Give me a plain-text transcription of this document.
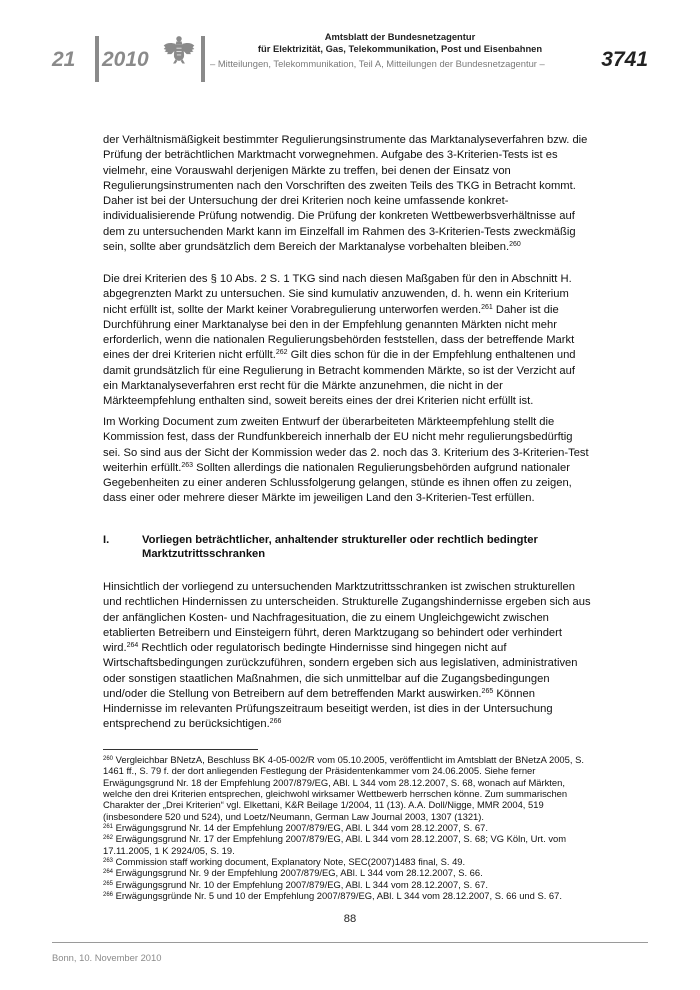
21 2010
Amtsblatt der Bundesnetzagentur
für Elektrizität, Gas, Telekommunikation, Post und Eisenbahnen
– Mitteilungen, Telekommunikation, Teil A, Mitteilungen der Bundesnetzagentur –	3741

der Verhältnismäßigkeit bestimmter Regulierungsinstrumente das Marktanalyseverfahren bzw. die Prüfung der beträchtlichen Marktmacht vorwegnehmen. Aufgabe des 3-Kriterien-Tests ist es vielmehr, eine Vorauswahl derjenigen Märkte zu treffen, bei denen der Einsatz von Regulierungsinstrumenten nach den Vorschriften des zweiten Teils des TKG in Betracht kommt. Daher ist bei der Untersuchung der drei Kriterien noch keine umfassende konkret-individualisierende Prüfung notwendig. Die Prüfung der konkreten Wettbewerbsverhältnisse auf dem zu untersuchenden Markt kann im Einzelfall im Rahmen des 3-Kriterien-Tests zweckmäßig sein, sollte aber grundsätzlich dem Bereich der Marktanalyse vorbehalten bleiben.$^{260}$

Die drei Kriterien des § 10 Abs. 2 S. 1 TKG sind nach diesen Maßgaben für den in Abschnitt H. abgegrenzten Markt zu untersuchen. Sie sind kumulativ anzuwenden, d. h. wenn ein Kriterium nicht erfüllt ist, sollte der Markt keiner Vorabregulierung unterworfen werden.$^{261}$ Daher ist die Durchführung einer Marktanalyse bei den in der Empfehlung genannten Märkten nicht mehr erforderlich, wenn die nationalen Regulierungsbehörden feststellen, dass der betreffende Markt eines der drei Kriterien nicht erfüllt.$^{262}$ Gilt dies schon für die in der Empfehlung enthaltenen und damit grundsätzlich für eine Regulierung in Betracht kommenden Märkte, so ist der Verzicht auf ein Marktanalyseverfahren erst recht für die Märkte anzunehmen, die nicht in der Märkteempfehlung enthalten sind, soweit bereits eines der drei Kriterien nicht erfüllt ist.

Im Working Document zum zweiten Entwurf der überarbeiteten Märkteempfehlung stellt die Kommission fest, dass der Rundfunkbereich innerhalb der EU nicht mehr regulierungsbedürftig sei. So sind aus der Sicht der Kommission weder das 2. noch das 3. Kriterium des 3-Kriterien-Test weiterhin erfüllt.$^{263}$ Sollten allerdings die nationalen Regulierungsbehörden aufgrund nationaler Gegebenheiten zu einer anderen Schlussfolgerung gelangen, stünde es ihnen offen zu zeigen, dass einer oder mehrere dieser Märkte im jeweiligen Land den 3-Kriterien-Test erfüllen.

I.	Vorliegen beträchtlicher, anhaltender struktureller oder rechtlich bedingter Marktzutrittsschranken

Hinsichtlich der vorliegend zu untersuchenden Marktzutrittsschranken ist zwischen strukturellen und rechtlichen Hindernissen zu unterscheiden. Strukturelle Zugangshindernisse ergeben sich aus der anfänglichen Kosten- und Nachfragesituation, die zu einem Ungleichgewicht zwischen etablierten Betreibern und Einsteigern führt, deren Marktzugang so behindert oder verhindert wird.$^{264}$ Rechtlich oder regulatorisch bedingte Hindernisse sind hingegen nicht auf Wirtschaftsbedingungen zurückzuführen, sondern ergeben sich aus legislativen, administrativen oder sonstigen staatlichen Maßnahmen, die sich unmittelbar auf die Zugangsbedingungen und/oder die Stellung von Betreibern auf dem betreffenden Markt auswirken.$^{265}$ Können Hindernisse im relevanten Prüfungszeitraum beseitigt werden, ist dies in der Untersuchung entsprechend zu berücksichtigen.$^{266}$

$^{260}$ Vergleichbar BNetzA, Beschluss BK 4-05-002/R vom 05.10.2005, veröffentlicht im Amtsblatt der BNetzA 2005, S. 1461 ff., S. 79 f. der dort anliegenden Festlegung der Präsidentenkammer vom 24.06.2005. Siehe ferner Erwägungsgrund Nr. 18 der Empfehlung 2007/879/EG, ABl. L 344 vom 28.12.2007, S. 68, wonach auf Märkten, welche den drei Kriterien entsprechen, gleichwohl wirksamer Wettbewerb herrschen könne. Zum summarischen Charakter der „Drei Kriterien“ vgl. Elkettani, K&R Beilage 1/2004, 11 (13). A.A. Doll/Nigge, MMR 2004, 519 (insbesondere 520 und 524), und Loetz/Neumann, German Law Journal 2003, 1307 (1321).

$^{261}$ Erwägungsgrund Nr. 14 der Empfehlung 2007/879/EG, ABl. L 344 vom 28.12.2007, S. 67.

$^{262}$ Erwägungsgrund Nr. 17 der Empfehlung 2007/879/EG, ABl. L 344 vom 28.12.2007, S. 68; VG Köln, Urt. vom 17.11.2005, 1 K 2924/05, S. 19.

$^{263}$ Commission staff working document, Explanatory Note, SEC(2007)1483 final, S. 49.

$^{264}$ Erwägungsgrund Nr. 9 der Empfehlung 2007/879/EG, ABl. L 344 vom 28.12.2007, S. 66.

$^{265}$ Erwägungsgrund Nr. 10 der Empfehlung 2007/879/EG, ABl. L 344 vom 28.12.2007, S. 67.

$^{266}$ Erwägungsgründe Nr. 5 und 10 der Empfehlung 2007/879/EG, ABl. L 344 vom 28.12.2007, S. 66 und S. 67.

88
Bonn, 10. November 2010
